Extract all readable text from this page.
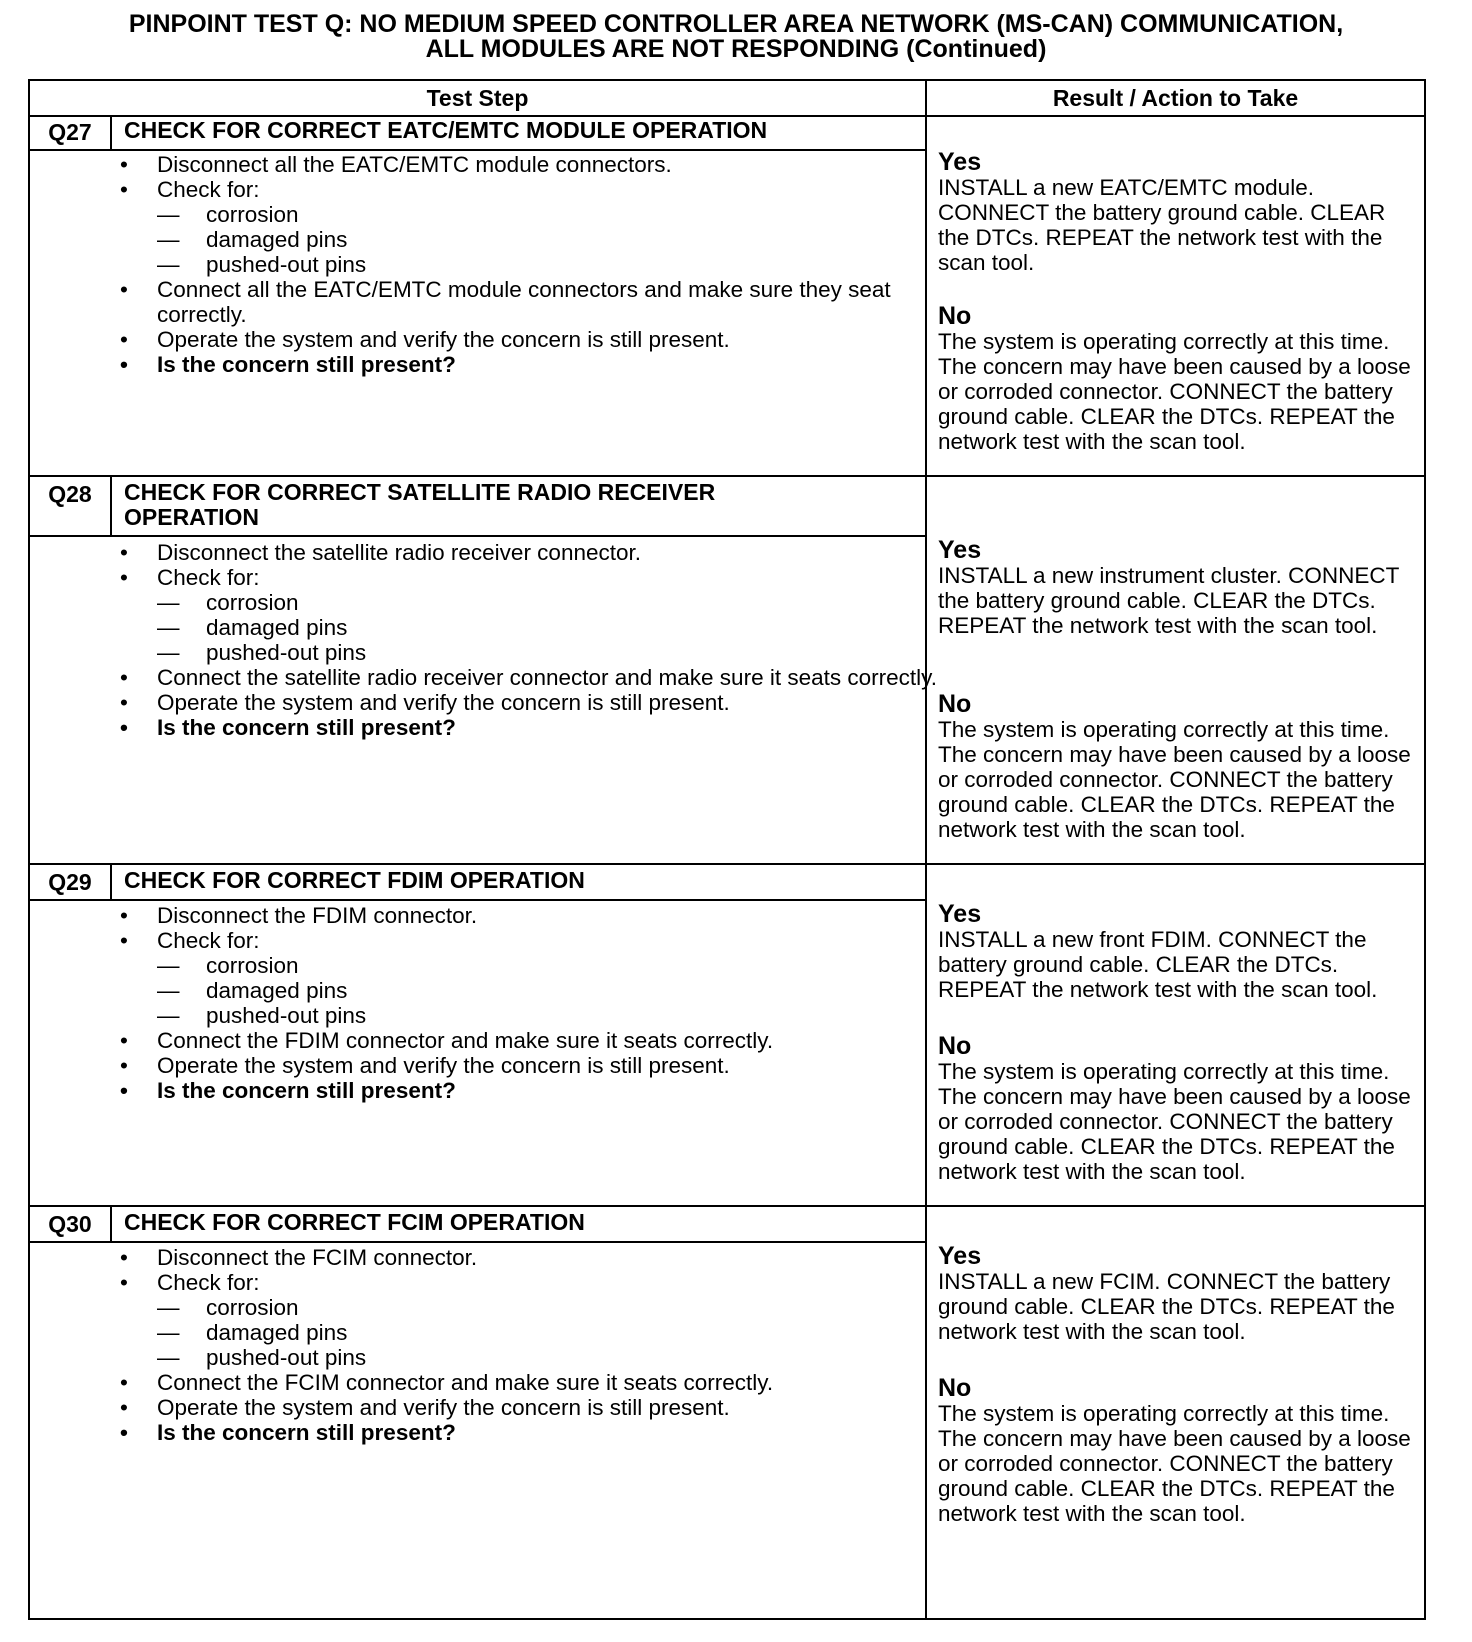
PINPOINT TEST Q: NO MEDIUM SPEED CONTROLLER AREA NETWORK (MS-CAN) COMMUNICATION,
ALL MODULES ARE NOT RESPONDING (Continued)
Test Step	Result / Action to Take
Q27	CHECK FOR CORRECT EATC/EMTC MODULE OPERATION
• Disconnect all the EATC/EMTC module connectors.
• Check for:
— corrosion
— damaged pins
— pushed-out pins
• Connect all the EATC/EMTC module connectors and make sure they seat correctly.
• Operate the system and verify the concern is still present.
• Is the concern still present?
Yes
INSTALL a new EATC/EMTC module. CONNECT the battery ground cable. CLEAR the DTCs. REPEAT the network test with the scan tool.
No
The system is operating correctly at this time. The concern may have been caused by a loose or corroded connector. CONNECT the battery ground cable. CLEAR the DTCs. REPEAT the network test with the scan tool.
Q28	CHECK FOR CORRECT SATELLITE RADIO RECEIVER OPERATION
• Disconnect the satellite radio receiver connector.
• Check for:
— corrosion
— damaged pins
— pushed-out pins
• Connect the satellite radio receiver connector and make sure it seats correctly.
• Operate the system and verify the concern is still present.
• Is the concern still present?
Yes
INSTALL a new instrument cluster. CONNECT the battery ground cable. CLEAR the DTCs. REPEAT the network test with the scan tool.
No
The system is operating correctly at this time. The concern may have been caused by a loose or corroded connector. CONNECT the battery ground cable. CLEAR the DTCs. REPEAT the network test with the scan tool.
Q29	CHECK FOR CORRECT FDIM OPERATION
• Disconnect the FDIM connector.
• Check for:
— corrosion
— damaged pins
— pushed-out pins
• Connect the FDIM connector and make sure it seats correctly.
• Operate the system and verify the concern is still present.
• Is the concern still present?
Yes
INSTALL a new front FDIM. CONNECT the battery ground cable. CLEAR the DTCs. REPEAT the network test with the scan tool.
No
The system is operating correctly at this time. The concern may have been caused by a loose or corroded connector. CONNECT the battery ground cable. CLEAR the DTCs. REPEAT the network test with the scan tool.
Q30	CHECK FOR CORRECT FCIM OPERATION
• Disconnect the FCIM connector.
• Check for:
— corrosion
— damaged pins
— pushed-out pins
• Connect the FCIM connector and make sure it seats correctly.
• Operate the system and verify the concern is still present.
• Is the concern still present?
Yes
INSTALL a new FCIM. CONNECT the battery ground cable. CLEAR the DTCs. REPEAT the network test with the scan tool.
No
The system is operating correctly at this time. The concern may have been caused by a loose or corroded connector. CONNECT the battery ground cable. CLEAR the DTCs. REPEAT the network test with the scan tool.
